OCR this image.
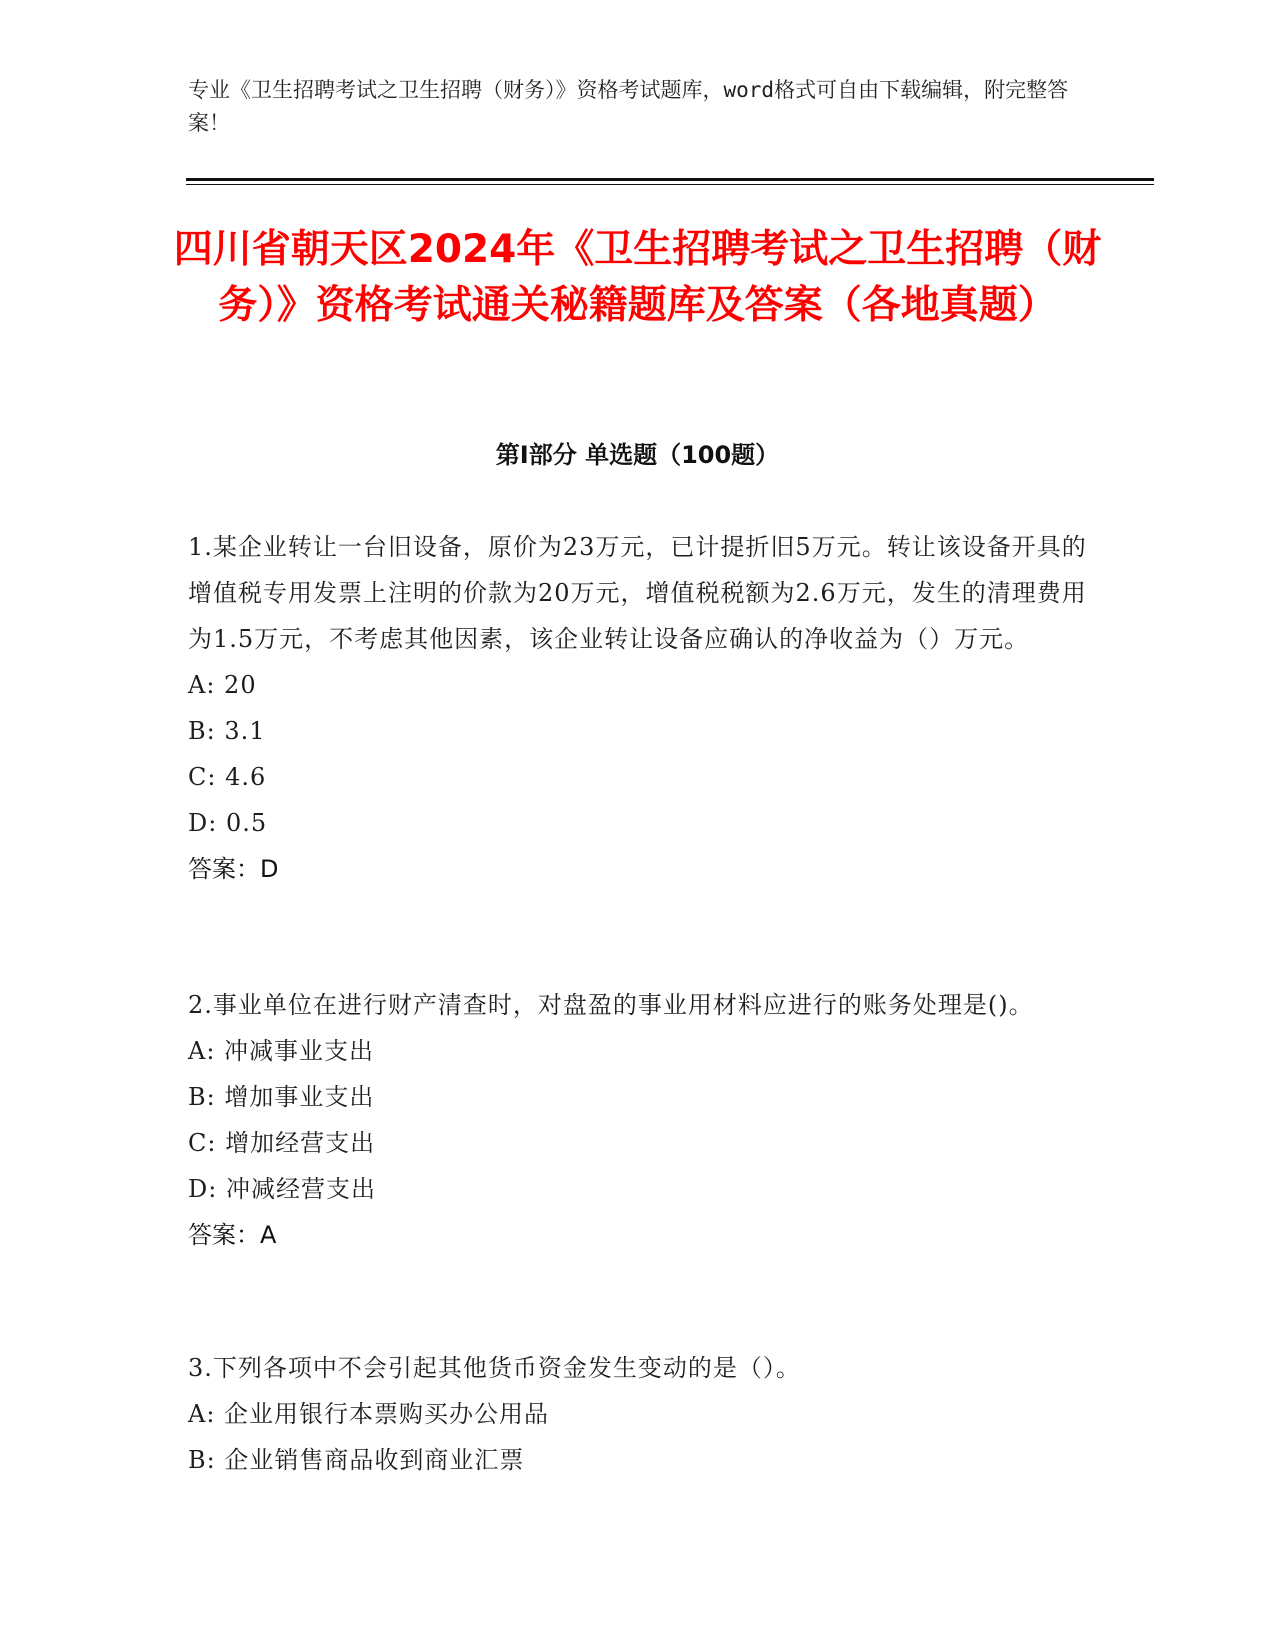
专业《卫生招聘考试之卫生招聘（财务）》资格考试题库，word格式可自由下载编辑，附完整答案！
四川省朝天区2024年《卫生招聘考试之卫生招聘（财务）》资格考试通关秘籍题库及答案（各地真题）
第I部分 单选题（100题）
1.某企业转让一台旧设备，原价为23万元，已计提折旧5万元。转让该设备开具的增值税专用发票上注明的价款为20万元，增值税税额为2.6万元，发生的清理费用为1.5万元，不考虑其他因素，该企业转让设备应确认的净收益为（）万元。
A: 20
B: 3.1
C: 4.6
D: 0.5
答案：D
2.事业单位在进行财产清查时，对盘盈的事业用材料应进行的账务处理是()。
A: 冲减事业支出
B: 增加事业支出
C: 增加经营支出
D: 冲减经营支出
答案：A
3.下列各项中不会引起其他货币资金发生变动的是（）。
A: 企业用银行本票购买办公用品
B: 企业销售商品收到商业汇票
